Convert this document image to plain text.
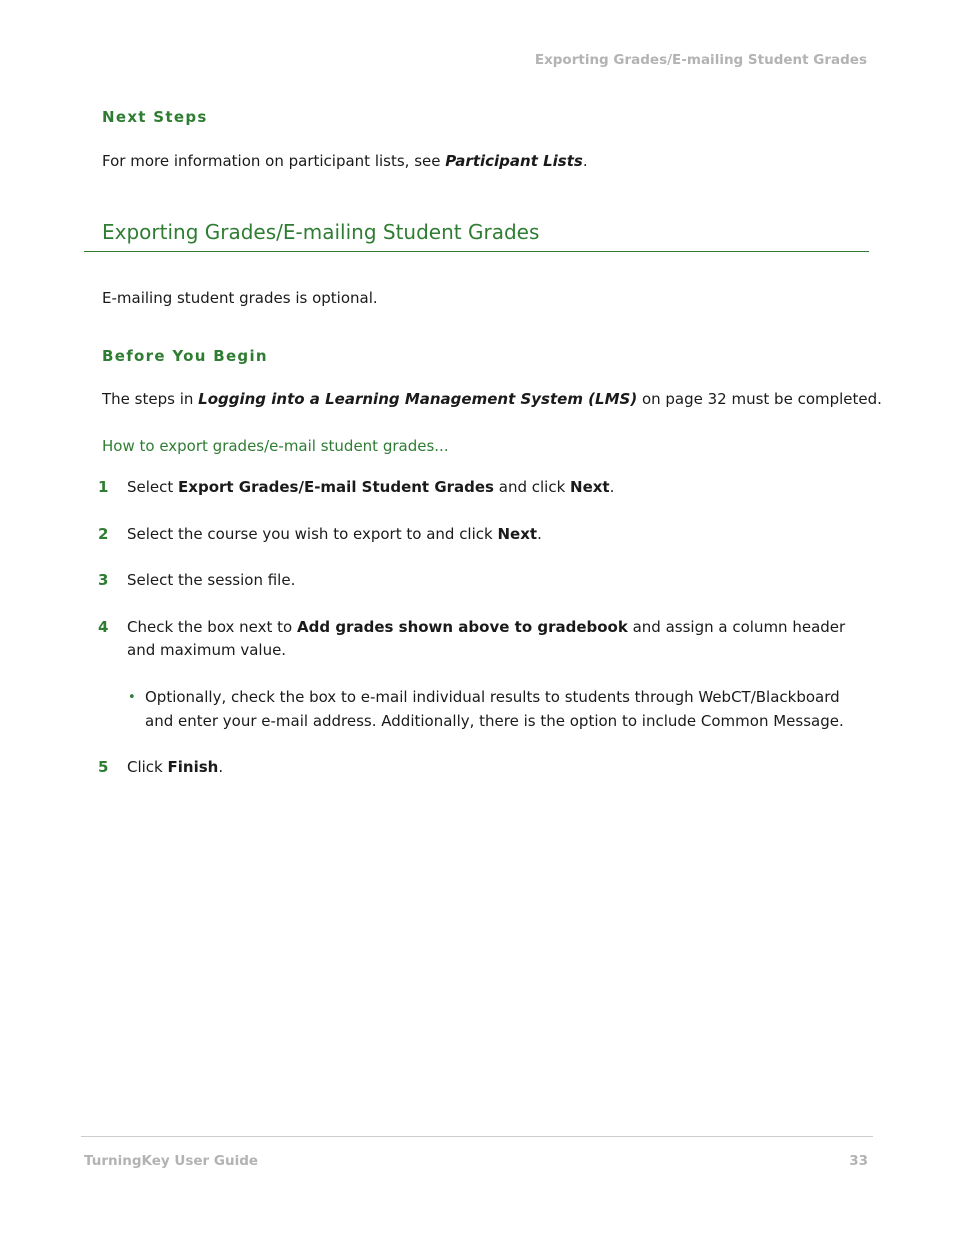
Exporting Grades/E-mailing Student Grades
Next Steps
For more information on participant lists, see Participant Lists.
Exporting Grades/E-mailing Student Grades
E-mailing student grades is optional.
Before You Begin
The steps in Logging into a Learning Management System (LMS) on page 32 must be completed.
How to export grades/e-mail student grades...
1 Select Export Grades/E-mail Student Grades and click Next.
2 Select the course you wish to export to and click Next.
3 Select the session file.
4 Check the box next to Add grades shown above to gradebook and assign a column header and maximum value.
• Optionally, check the box to e-mail individual results to students through WebCT/Blackboard and enter your e-mail address. Additionally, there is the option to include Common Message.
5 Click Finish.
TurningKey User Guide	33
